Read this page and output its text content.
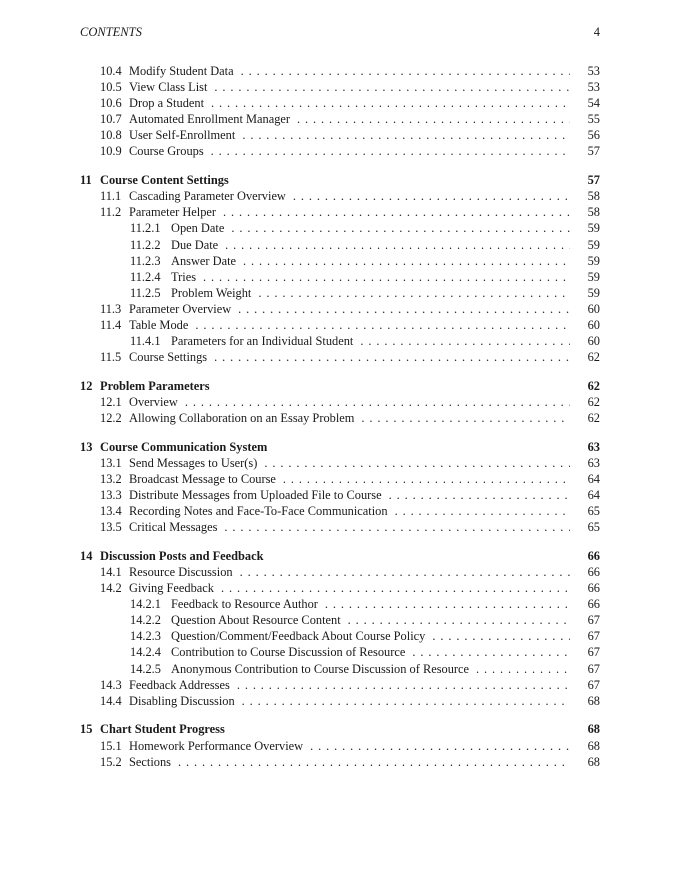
CONTENTS	4
10.4 Modify Student Data . . .	53
10.5 View Class List . . .	53
10.6 Drop a Student . . .	54
10.7 Automated Enrollment Manager . . .	55
10.8 User Self-Enrollment . . .	56
10.9 Course Groups . . .	57
11 Course Content Settings	57
11.1 Cascading Parameter Overview . . .	58
11.2 Parameter Helper . . .	58
11.2.1 Open Date . . .	59
11.2.2 Due Date . . .	59
11.2.3 Answer Date . . .	59
11.2.4 Tries . . .	59
11.2.5 Problem Weight . . .	59
11.3 Parameter Overview . . .	60
11.4 Table Mode . . .	60
11.4.1 Parameters for an Individual Student . . .	60
11.5 Course Settings . . .	62
12 Problem Parameters	62
12.1 Overview . . .	62
12.2 Allowing Collaboration on an Essay Problem . . .	62
13 Course Communication System	63
13.1 Send Messages to User(s) . . .	63
13.2 Broadcast Message to Course . . .	64
13.3 Distribute Messages from Uploaded File to Course . . .	64
13.4 Recording Notes and Face-To-Face Communication . . .	65
13.5 Critical Messages . . .	65
14 Discussion Posts and Feedback	66
14.1 Resource Discussion . . .	66
14.2 Giving Feedback . . .	66
14.2.1 Feedback to Resource Author . . .	66
14.2.2 Question About Resource Content . . .	67
14.2.3 Question/Comment/Feedback About Course Policy . . .	67
14.2.4 Contribution to Course Discussion of Resource . . .	67
14.2.5 Anonymous Contribution to Course Discussion of Resource . . .	67
14.3 Feedback Addresses . . .	67
14.4 Disabling Discussion . . .	68
15 Chart Student Progress	68
15.1 Homework Performance Overview . . .	68
15.2 Sections . . .	68
